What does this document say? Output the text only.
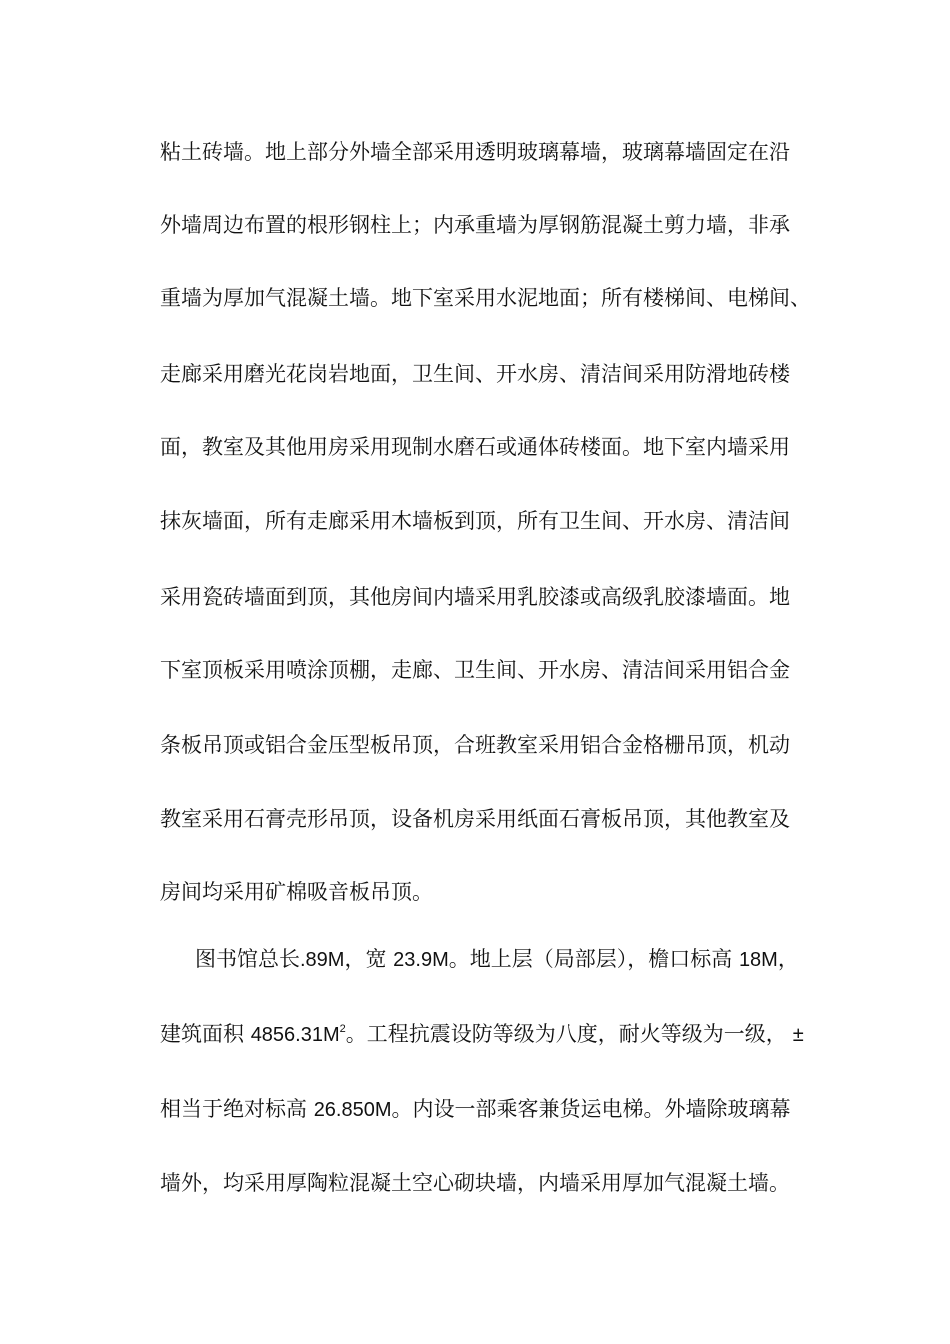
粘土砖墙。地上部分外墙全部采用透明玻璃幕墙，玻璃幕墙固定在沿
外墙周边布置的根形钢柱上；内承重墙为厚钢筋混凝土剪力墙，非承
重墙为厚加气混凝土墙。地下室采用水泥地面；所有楼梯间、电梯间、
走廊采用磨光花岗岩地面，卫生间、开水房、清洁间采用防滑地砖楼
面，教室及其他用房采用现制水磨石或通体砖楼面。地下室内墙采用
抹灰墙面，所有走廊采用木墙板到顶，所有卫生间、开水房、清洁间
采用瓷砖墙面到顶，其他房间内墙采用乳胶漆或高级乳胶漆墙面。地
下室顶板采用喷涂顶棚，走廊、卫生间、开水房、清洁间采用铝合金
条板吊顶或铝合金压型板吊顶，合班教室采用铝合金格栅吊顶，机动
教室采用石膏壳形吊顶，设备机房采用纸面石膏板吊顶，其他教室及
房间均采用矿棉吸音板吊顶。
图书馆总长.89M，宽 23.9M。地上层（局部层），檐口标高 18M，
建筑面积 $4856.31M^2$。工程抗震设防等级为八度，耐火等级为一级， ±
相当于绝对标高 26.850M。内设一部乘客兼货运电梯。外墙除玻璃幕
墙外，均采用厚陶粒混凝土空心砌块墙，内墙采用厚加气混凝土墙。
